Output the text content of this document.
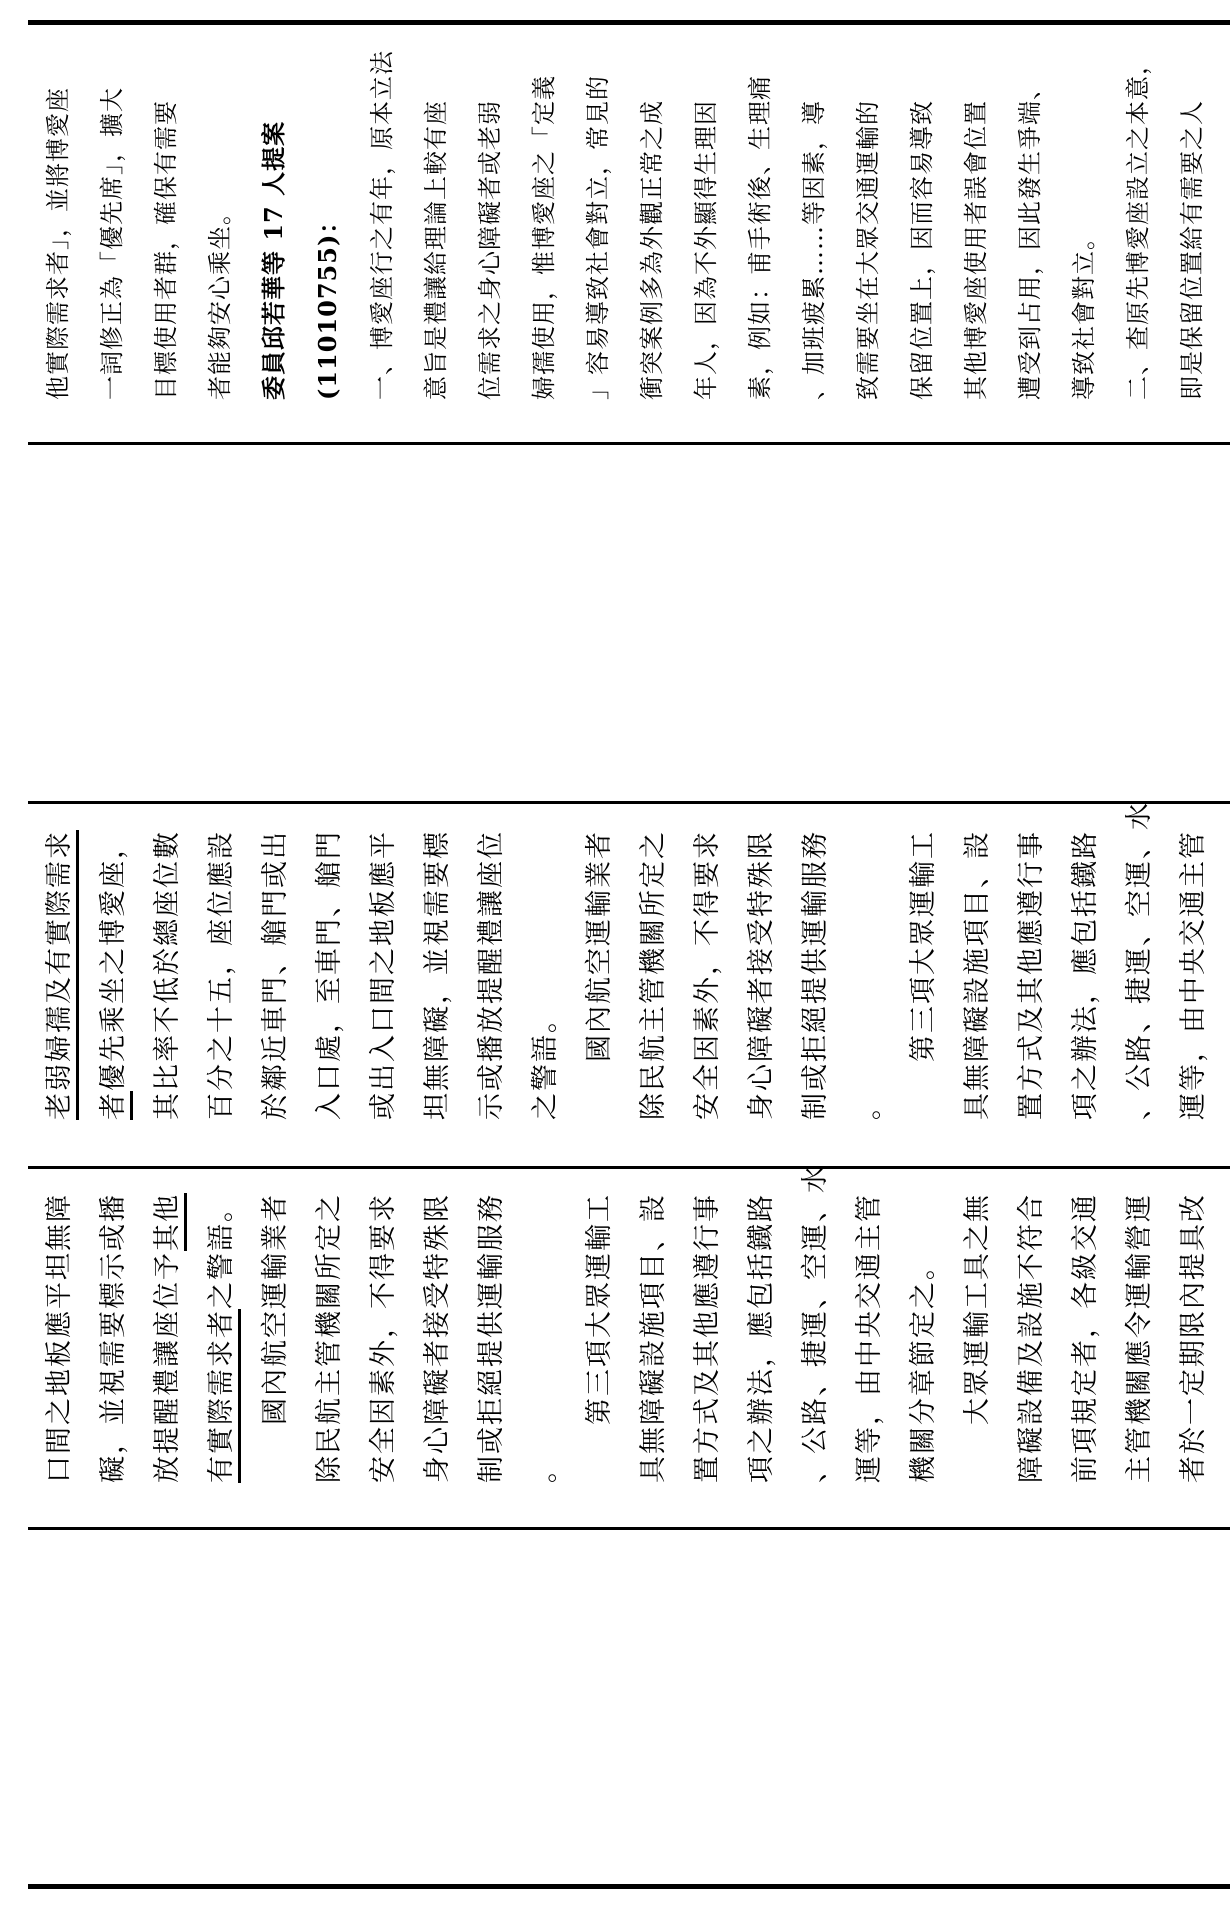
他實際需求者」，並將博愛座	一詞修正為「優先席」，擴大	目標使用者群，確保有需要	者能夠安心乘坐。	委員邱若華等 17 人提案	(11010755)：	一、博愛座行之有年，原本立法	意旨是禮讓給理論上較有座	位需求之身心障礙者或老弱	婦孺使用，惟博愛座之「定義	」容易導致社會對立，常見的	衝突案例多為外觀正常之成	年人，因為不外顯得生理因	素，例如：甫手術後、生理痛	、加班疲累……等因素，導	致需要坐在大眾交通運輸的	保留位置上，因而容易導致	其他博愛座使用者誤會位置	遭受到占用，因此發生爭端、	導致社會對立。	二、查原先博愛座設立之本意，	即是保留位置給有需要之人
老弱婦孺及有實際需求 者優先乘坐之博愛座， 其比率不低於總座位數 百分之十五，座位應設 於鄰近車門、艙門或出 入口處，至車門、艙門 或出入口間之地板應平 坦無障礙，並視需要標 示或播放提醒禮讓座位 之警語。 　　國內航空運輸業者 除民航主管機關所定之 安全因素外，不得要求 身心障礙者接受特殊限 制或拒絕提供運輸服務 。 　　第三項大眾運輸工 具無障礙設施項目、設 置方式及其他應遵行事 項之辦法，應包括鐵路 、公路、捷運、空運、水 運等，由中央交通主管
口間之地板應平坦無障 礙，並視需要標示或播 放提醒禮讓座位予其他
有實際需求者之警語。 　　國內航空運輸業者 除民航主管機關所定之 安全因素外，不得要求 身心障礙者接受特殊限 制或拒絕提供運輸服務 。 　　第三項大眾運輸工 具無障礙設施項目、設 置方式及其他應遵行事 項之辦法，應包括鐵路 、公路、捷運、空運、水 運等，由中央交通主管 機關分章節定之。 　　大眾運輸工具之無 障礙設備及設施不符合 前項規定者，各級交通 主管機關應令運輸營運 者於一定期限內提具改
